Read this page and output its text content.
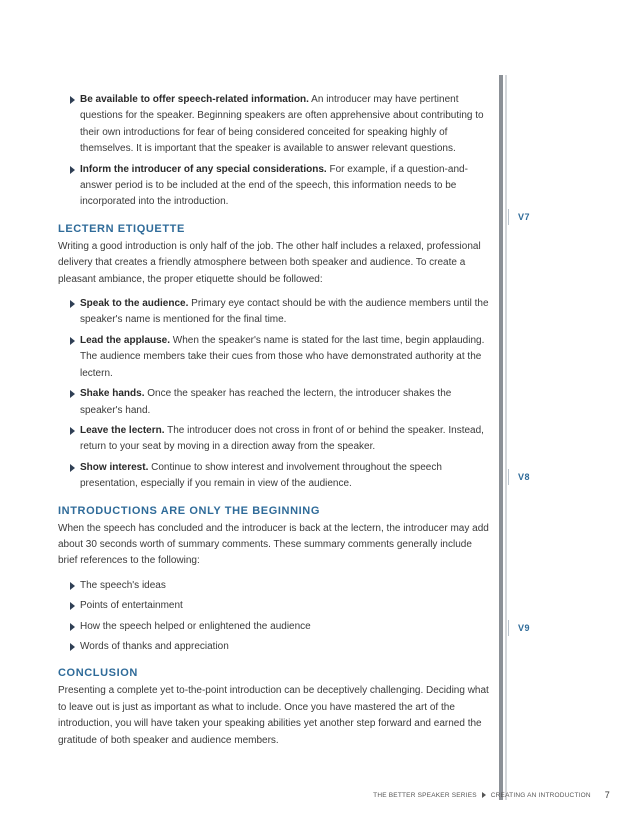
V7
V8
V9
Be available to offer speech-related information. An introducer may have pertinent questions for the speaker. Beginning speakers are often apprehensive about contributing to their own introductions for fear of being considered conceited for speaking highly of themselves. It is important that the speaker is available to answer relevant questions.
Inform the introducer of any special considerations. For example, if a question-and-answer period is to be included at the end of the speech, this information needs to be incorporated into the introduction.
LECTERN ETIQUETTE

Writing a good introduction is only half of the job. The other half includes a relaxed, professional delivery that creates a friendly atmosphere between both speaker and audience. To create a pleasant ambiance, the proper etiquette should be followed:

Speak to the audience. Primary eye contact should be with the audience members until the speaker's name is mentioned for the final time.
Lead the applause. When the speaker's name is stated for the last time, begin applauding. The audience members take their cues from those who have demonstrated authority at the lectern.
Shake hands. Once the speaker has reached the lectern, the introducer shakes the speaker's hand.
Leave the lectern. The introducer does not cross in front of or behind the speaker. Instead, return to your seat by moving in a direction away from the speaker.
Show interest. Continue to show interest and involvement throughout the speech presentation, especially if you remain in view of the audience.
INTRODUCTIONS ARE ONLY THE BEGINNING

When the speech has concluded and the introducer is back at the lectern, the introducer may add about 30 seconds worth of summary comments. These summary comments generally include brief references to the following:

The speech's ideas
Points of entertainment
How the speech helped or enlightened the audience
Words of thanks and appreciation
CONCLUSION

Presenting a complete yet to-the-point introduction can be deceptively challenging. Deciding what to leave out is just as important as what to include. Once you have mastered the art of the introduction, you will have taken your speaking abilities yet another step forward and earned the gratitude of both speaker and audience members.

THE BETTER SPEAKER SERIES CREATING AN INTRODUCTION 7
